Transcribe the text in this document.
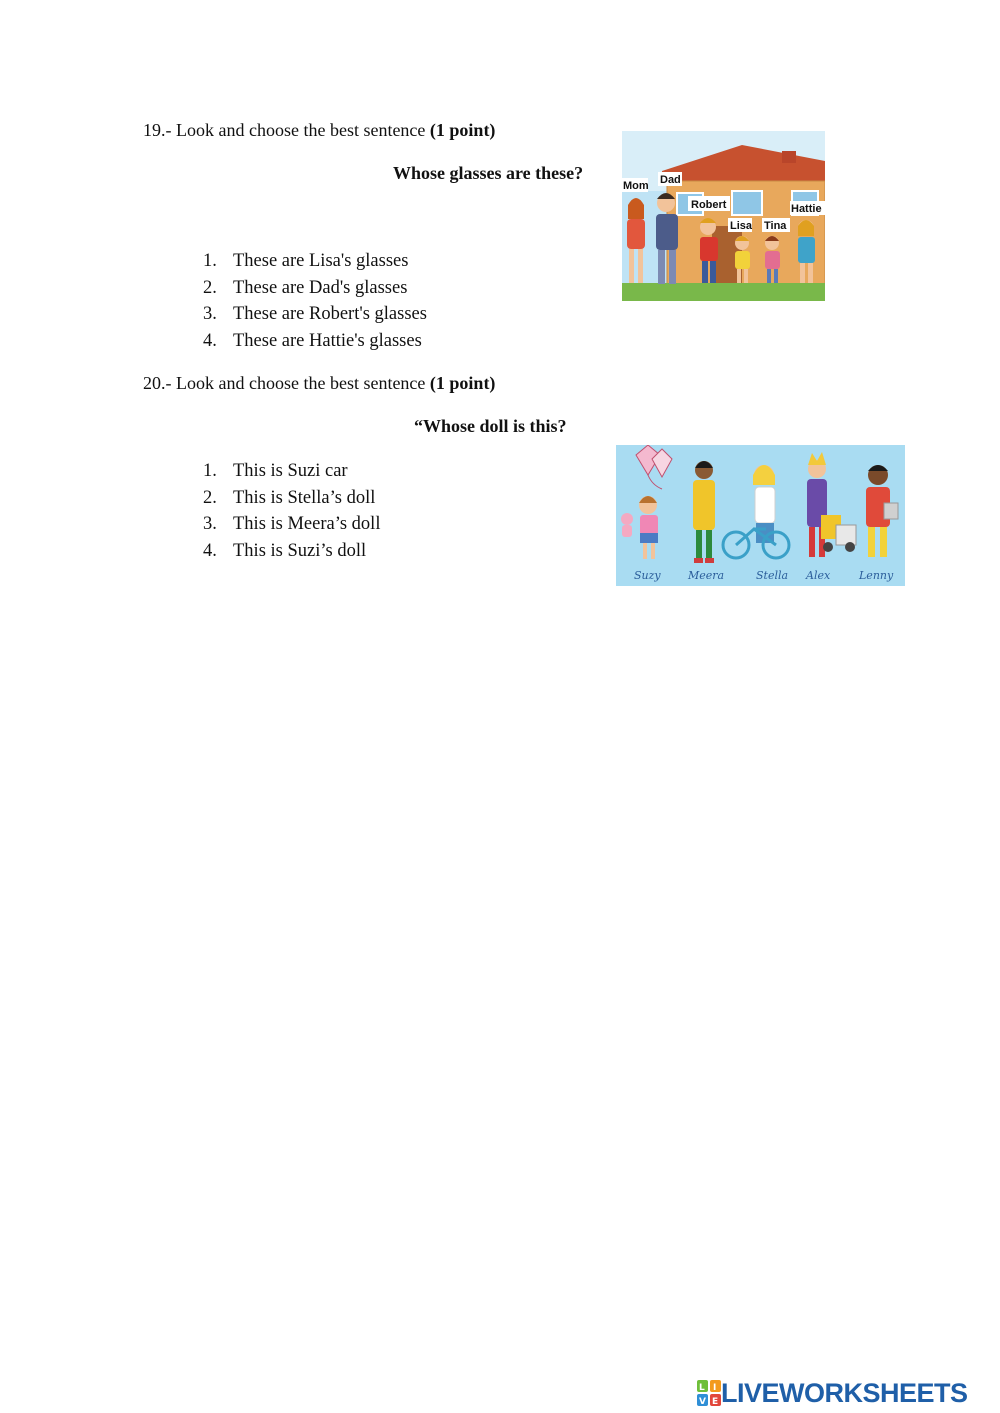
19.- Look and choose the best sentence (1 point)
Whose glasses are these?
1. These are Lisa's glasses
2. These are Dad's glasses
3. These are Robert's glasses
4. These are Hattie's glasses
Mom Dad
Robert
Lisa Tina
Hattie
20.- Look and choose the best sentence (1 point)
“Whose doll is this?
1. This is Suzi car
2. This is Stella’s doll
3. This is Meera’s doll
4. This is Suzi’s doll
Suzy Meera	Stella Alex	Lenny
L I
V E LIVEWORKSHEETS
